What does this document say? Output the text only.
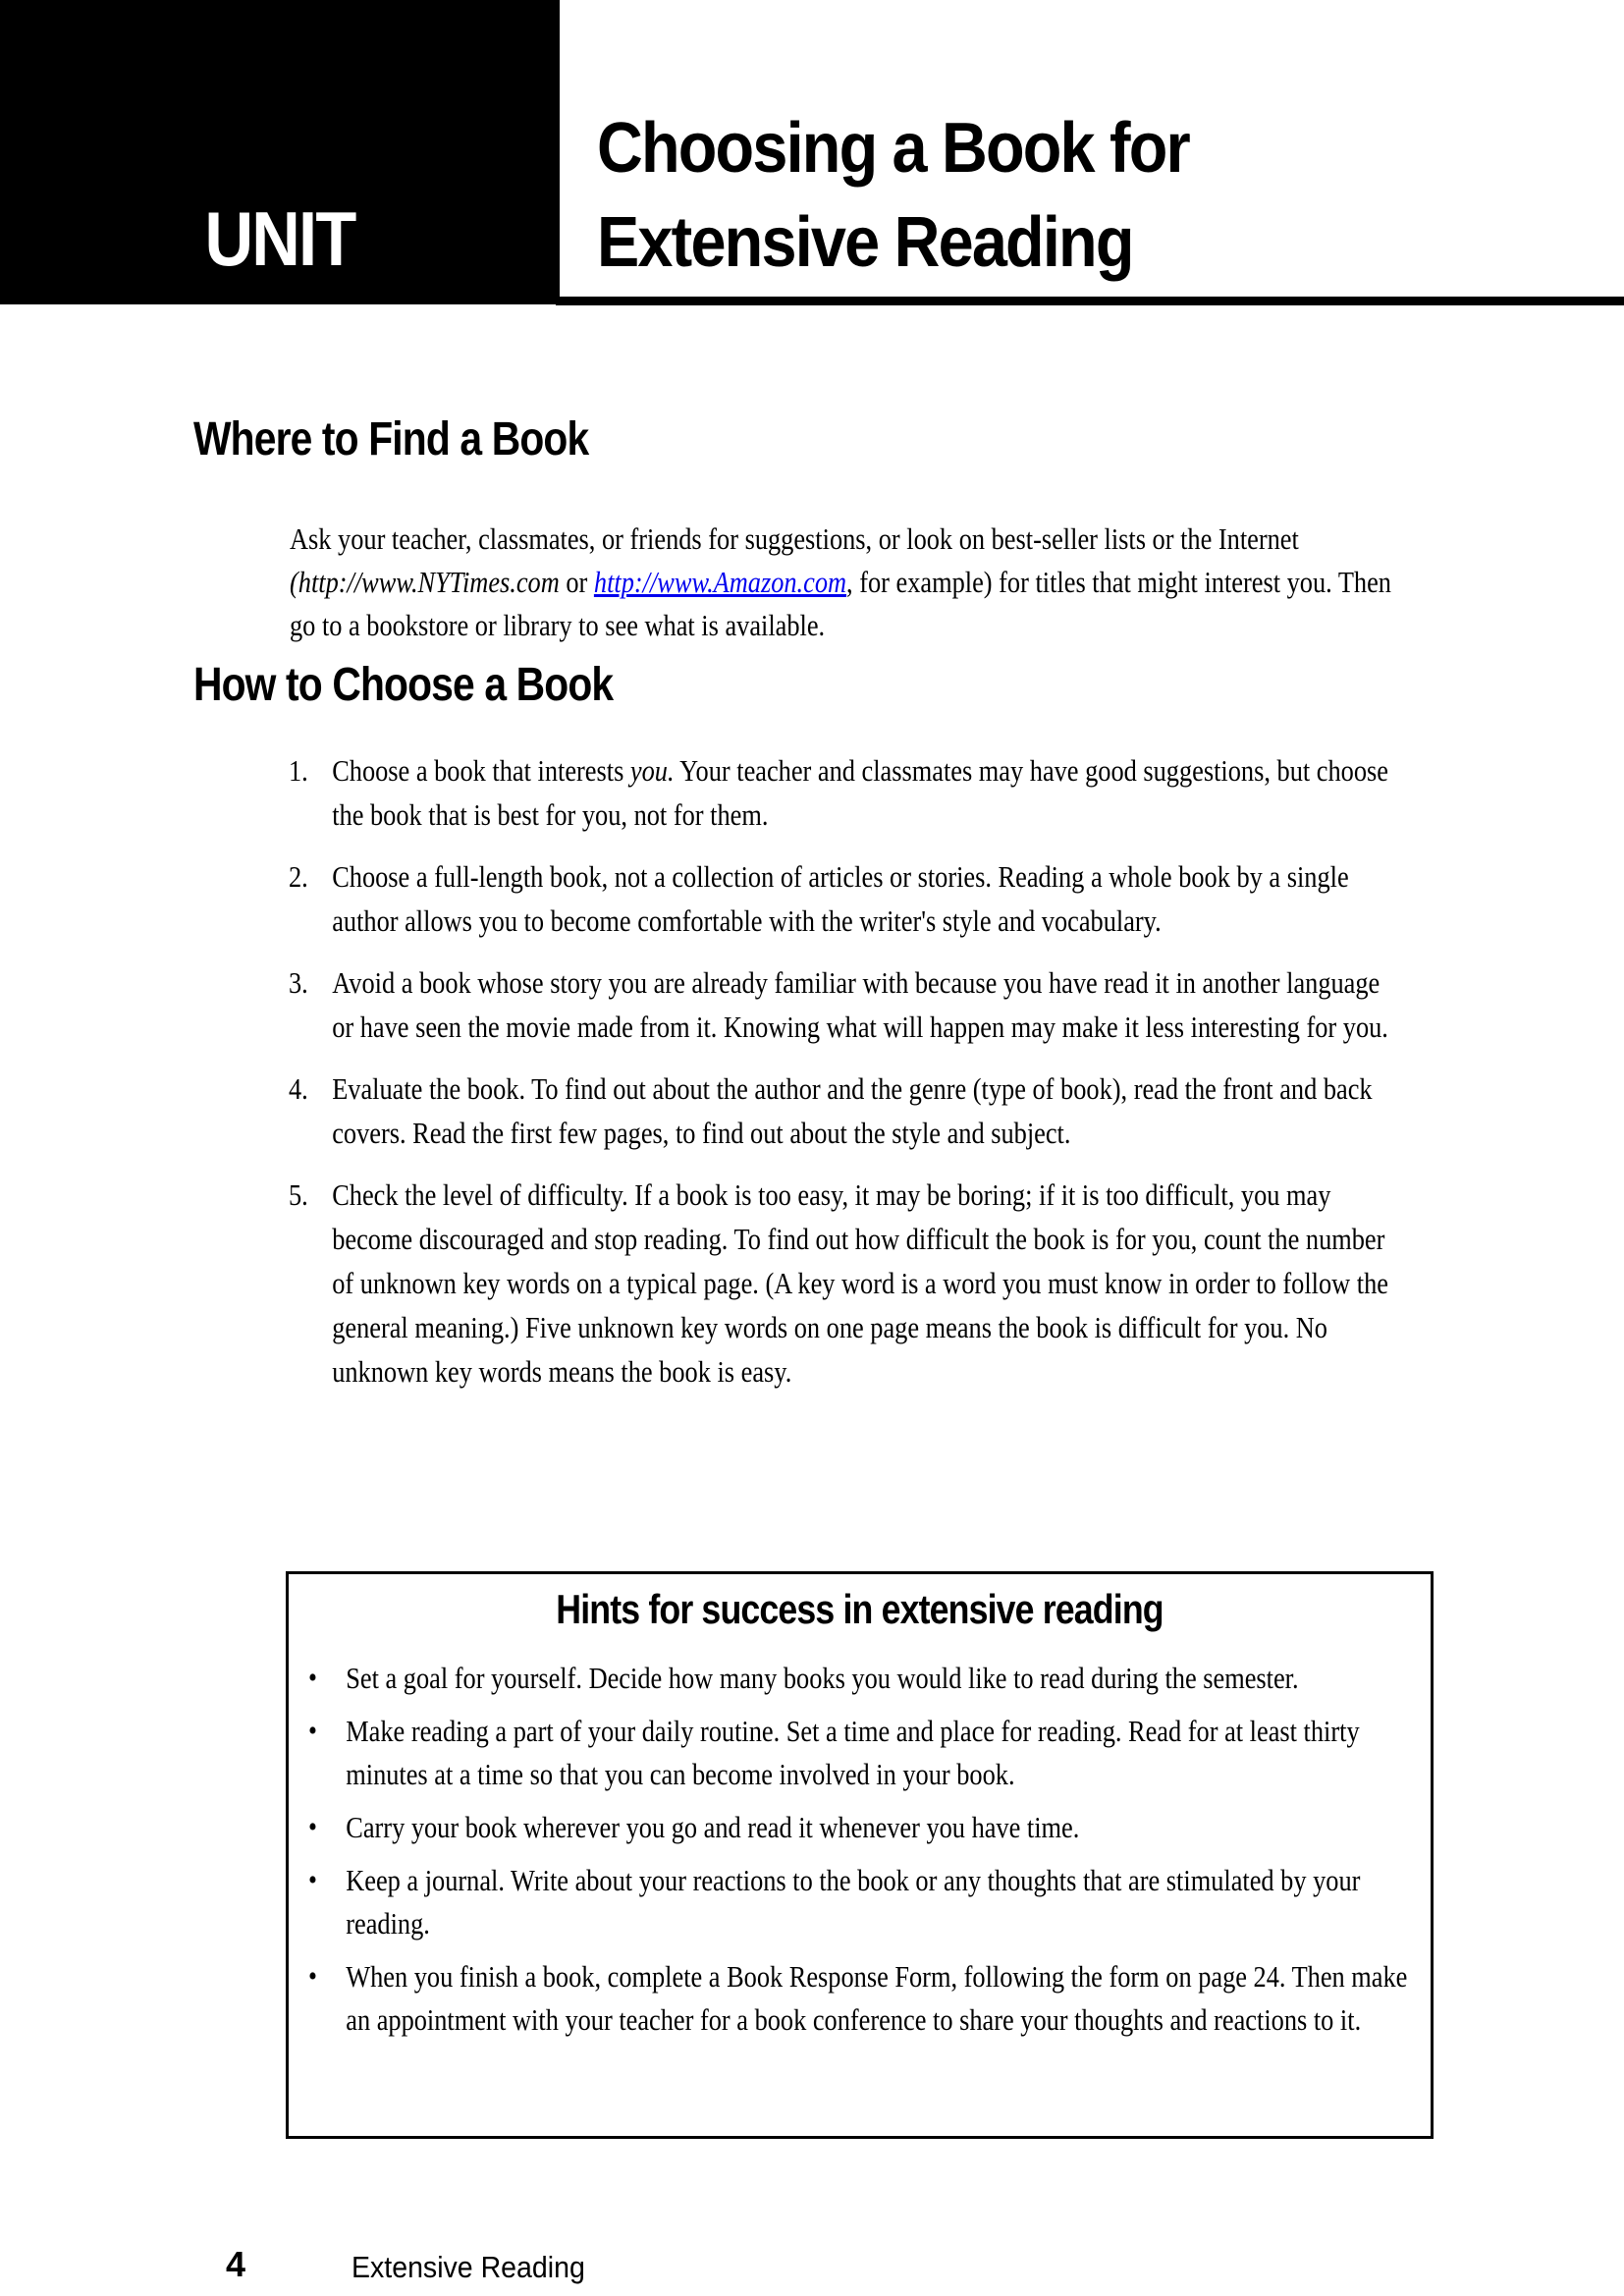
UNIT
Choosing a Book for
Extensive Reading
Where to Find a Book

Ask your teacher, classmates, or friends for suggestions, or look on best-seller lists or the Internet (http://www.NYTimes.com or http://www.Amazon.com, for example) for titles that might interest you. Then go to a bookstore or library to see what is available.

How to Choose a Book
1. Choose a book that interests you. Your teacher and classmates may have good suggestions, but choose the book that is best for you, not for them.
2. Choose a full-length book, not a collection of articles or stories. Reading a whole book by a single author allows you to become comfortable with the writer's style and vocabulary.
3. Avoid a book whose story you are already familiar with because you have read it in another language or have seen the movie made from it. Knowing what will happen may make it less interesting for you.
4. Evaluate the book. To find out about the author and the genre (type of book), read the front and back covers. Read the first few pages, to find out about the style and subject.
5. Check the level of difficulty. If a book is too easy, it may be boring; if it is too difficult, you may become discouraged and stop reading. To find out how difficult the book is for you, count the number of unknown key words on a typical page. (A key word is a word you must know in order to follow the general meaning.) Five unknown key words on one page means the book is difficult for you. No unknown key words means the book is easy.
Hints for success in extensive reading
• Set a goal for yourself. Decide how many books you would like to read during the semester.
• Make reading a part of your daily routine. Set a time and place for reading. Read for at least thirty minutes at a time so that you can become involved in your book.
• Carry your book wherever you go and read it whenever you have time.
• Keep a journal. Write about your reactions to the book or any thoughts that are stimulated by your reading.
• When you finish a book, complete a Book Response Form, following the form on page 24. Then make an appointment with your teacher for a book conference to share your thoughts and reactions to it.
4	Extensive Reading
